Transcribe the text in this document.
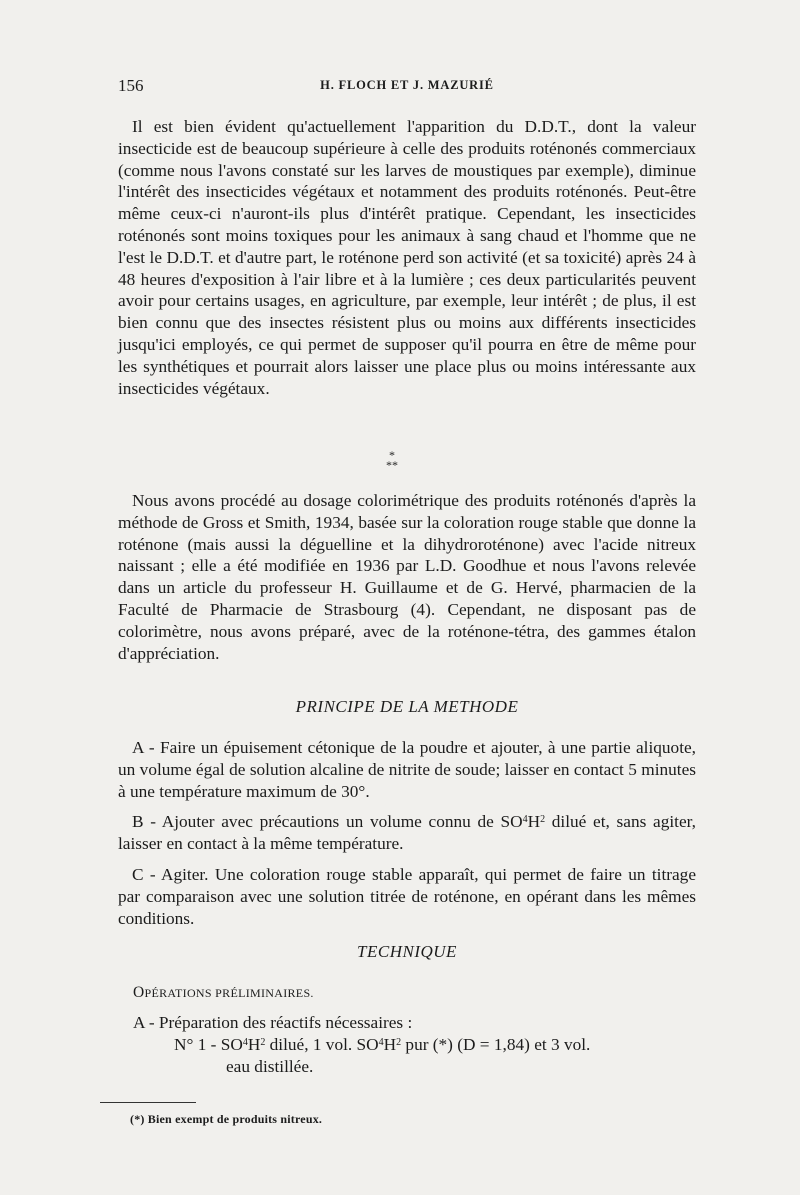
156	H. FLOCH ET J. MAZURIÉ

Il est bien évident qu'actuellement l'apparition du D.D.T., dont la valeur insecticide est de beaucoup supérieure à celle des produits roténonés commerciaux (comme nous l'avons constaté sur les larves de moustiques par exemple), diminue l'intérêt des insecticides végétaux et notamment des produits roténonés. Peut-être même ceux-ci n'auront-ils plus d'intérêt pratique. Cependant, les insecticides roténonés sont moins toxiques pour les animaux à sang chaud et l'homme que ne l'est le D.D.T. et d'autre part, le roténone perd son activité (et sa toxicité) après 24 à 48 heures d'exposition à l'air libre et à la lumière ; ces deux particularités peuvent avoir pour certains usages, en agriculture, par exemple, leur intérêt ; de plus, il est bien connu que des insectes résistent plus ou moins aux différents insecticides jusqu'ici employés, ce qui permet de supposer qu'il pourra en être de même pour les synthétiques et pourrait alors laisser une place plus ou moins intéressante aux insecticides végétaux.

*
**

Nous avons procédé au dosage colorimétrique des produits roténonés d'après la méthode de Gross et Smith, 1934, basée sur la coloration rouge stable que donne la roténone (mais aussi la déguelline et la dihydroroténone) avec l'acide nitreux naissant ; elle a été modifiée en 1936 par L.D. Goodhue et nous l'avons relevée dans un article du professeur H. Guillaume et de G. Hervé, pharmacien de la Faculté de Pharmacie de Strasbourg (4). Cependant, ne disposant pas de colorimètre, nous avons préparé, avec de la roténone-tétra, des gammes étalon d'appréciation.

PRINCIPE DE LA METHODE

A - Faire un épuisement cétonique de la poudre et ajouter, à une partie aliquote, un volume égal de solution alcaline de nitrite de soude; laisser en contact 5 minutes à une température maximum de 30°.

B - Ajouter avec précautions un volume connu de $SO^4H^2$ dilué et, sans agiter, laisser en contact à la même température.

C - Agiter. Une coloration rouge stable apparaît, qui permet de faire un titrage par comparaison avec une solution titrée de roténone, en opérant dans les mêmes conditions.

TECHNIQUE
OPÉRATIONS PRÉLIMINAIRES.
A - Préparation des réactifs nécessaires :
N° $1 - SO^4H^2$ dilué, 1 vol. $SO^4H^2$ pur (*) (D = 1,84) et 3 vol.
eau distillée.
(*) Bien exempt de produits nitreux.
